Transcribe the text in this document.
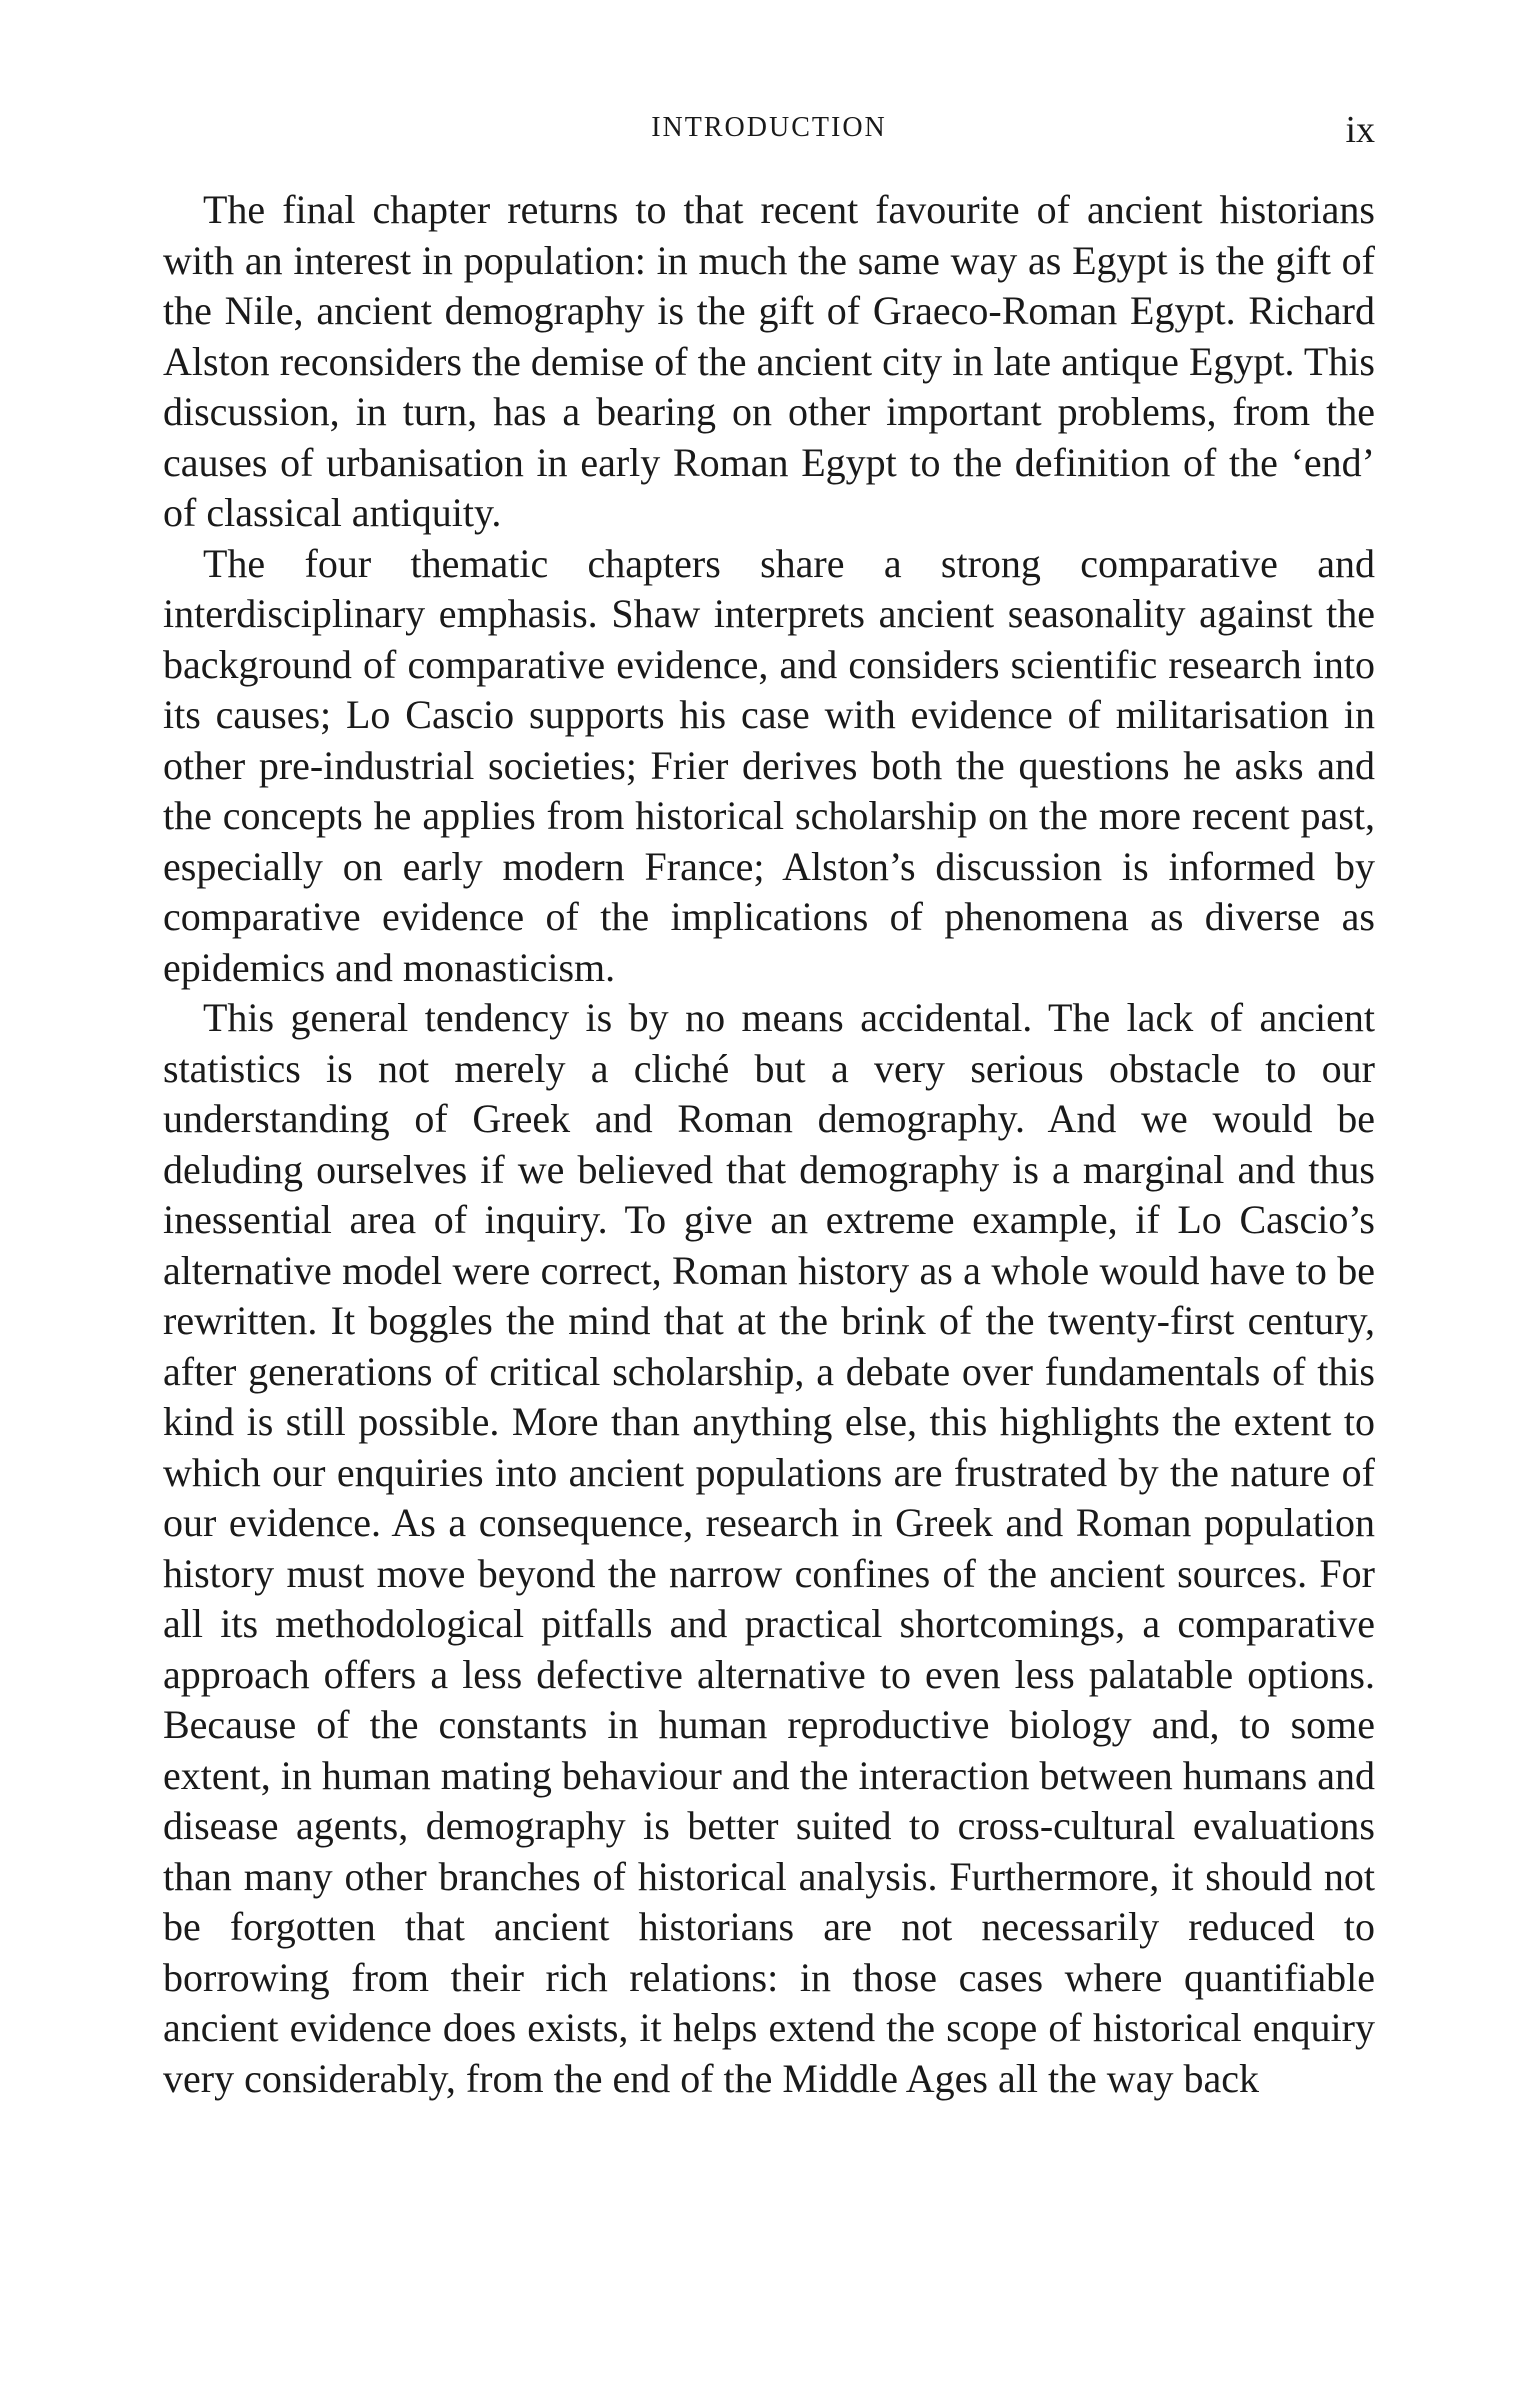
INTRODUCTION	ix

The final chapter returns to that recent favourite of ancient historians with an interest in population: in much the same way as Egypt is the gift of the Nile, ancient demography is the gift of Graeco-Roman Egypt. Richard Alston reconsiders the demise of the ancient city in late antique Egypt. This discussion, in turn, has a bearing on other important problems, from the causes of urbanisation in early Roman Egypt to the definition of the ‘end’ of classical antiquity.

The four thematic chapters share a strong comparative and interdisciplinary emphasis. Shaw interprets ancient seasonality against the background of comparative evidence, and considers scientific research into its causes; Lo Cascio supports his case with evidence of militarisation in other pre-industrial societies; Frier derives both the questions he asks and the concepts he applies from historical scholarship on the more recent past, especially on early modern France; Alston’s discussion is informed by comparative evidence of the implications of phenomena as diverse as epidemics and monasticism.

This general tendency is by no means accidental. The lack of ancient statistics is not merely a cliché but a very serious obstacle to our understanding of Greek and Roman demography. And we would be deluding ourselves if we believed that demography is a marginal and thus inessential area of inquiry. To give an extreme example, if Lo Cascio’s alternative model were correct, Roman history as a whole would have to be rewritten. It boggles the mind that at the brink of the twenty-first century, after generations of critical scholarship, a debate over fundamentals of this kind is still possible. More than anything else, this highlights the extent to which our enquiries into ancient populations are frustrated by the nature of our evidence. As a consequence, research in Greek and Roman population history must move beyond the narrow confines of the ancient sources. For all its methodological pitfalls and practical shortcomings, a comparative approach offers a less defective alternative to even less palatable options. Because of the constants in human reproductive biology and, to some extent, in human mating behaviour and the interaction between humans and disease agents, demography is better suited to cross-cultural evaluations than many other branches of historical analysis. Furthermore, it should not be forgotten that ancient historians are not necessarily reduced to borrowing from their rich relations: in those cases where quantifiable ancient evidence does exists, it helps extend the scope of historical enquiry very considerably, from the end of the Middle Ages all the way back
